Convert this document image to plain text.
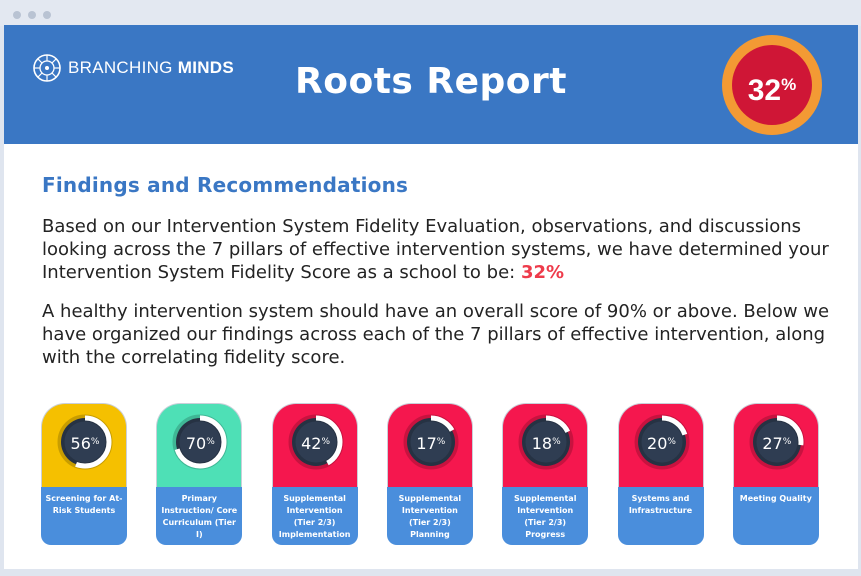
BRANCHING MINDS	Roots Report	32%
Findings and Recommendations

Based on our Intervention System Fidelity Evaluation, observations, and discussions looking across the 7 pillars of effective intervention systems, we have determined your Intervention System Fidelity Score as a school to be: 32%

A healthy intervention system should have an overall score of 90% or above. Below we have organized our findings across each of the 7 pillars of effective intervention, along with the correlating fidelity score.

56%
Screening for At-Risk Students
70%
Primary Instruction/ Core Curriculum (Tier I)
42%
Supplemental Intervention (Tier 2/3) Implementation
17%
Supplemental Intervention (Tier 2/3) Planning
18%
Supplemental Intervention (Tier 2/3) Progress
20%
Systems and Infrastructure
27%
Meeting Quality
